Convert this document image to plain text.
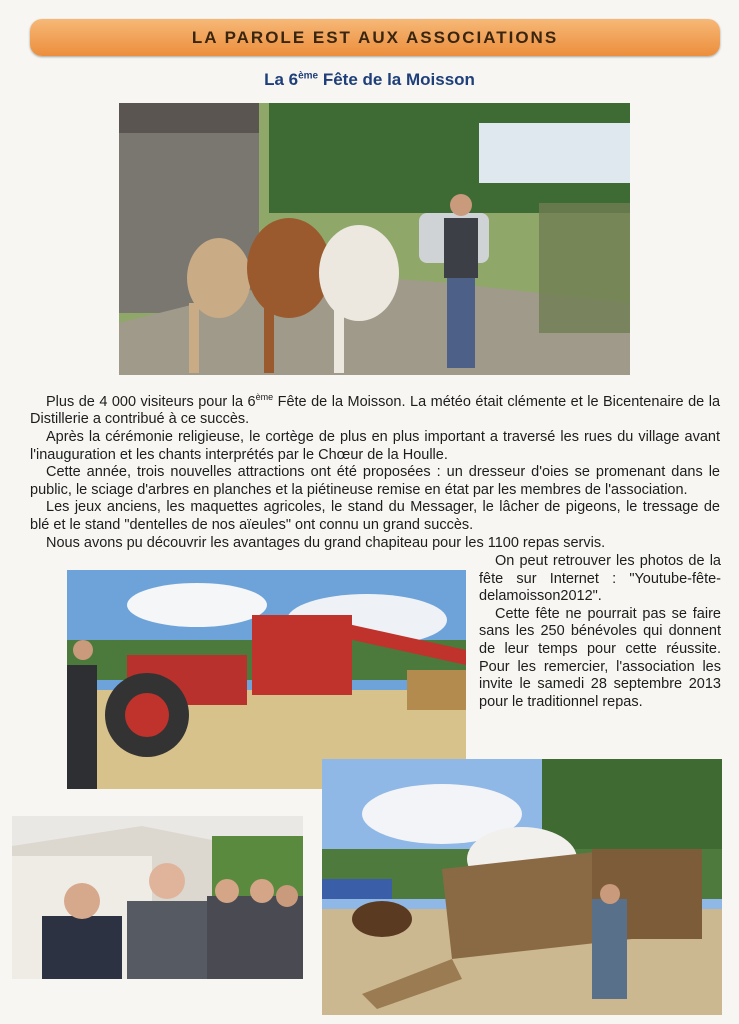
LA PAROLE EST AUX ASSOCIATIONS
La 6ème Fête de la Moisson

Plus de 4 000 visiteurs pour la 6ème Fête de la Moisson. La météo était clémente et le Bicentenaire de la Distillerie a contribué à ce succès.

Après la cérémonie religieuse, le cortège de plus en plus important a traversé les rues du village avant l'inauguration et les chants interprétés par le Chœur de la Houlle.

Cette année, trois nouvelles attractions ont été proposées : un dresseur d'oies se promenant dans le public, le sciage d'arbres en planches et la piétineuse remise en état par les membres de l'association.

Les jeux anciens, les maquettes agricoles, le stand du Messager, le lâcher de pigeons, le tressage de blé et le stand "dentelles de nos aïeules" ont connu un grand succès.

Nous avons pu découvrir les avantages du grand chapiteau pour les 1100 repas servis.

On peut retrouver les photos de la fête sur Internet : "Youtube-fête-delamoisson2012".

Cette fête ne pourrait pas se faire sans les 250 bénévoles qui donnent de leur temps pour cette réussite. Pour les remercier, l'association les invite le samedi 28 septembre 2013 pour le traditionnel repas.
